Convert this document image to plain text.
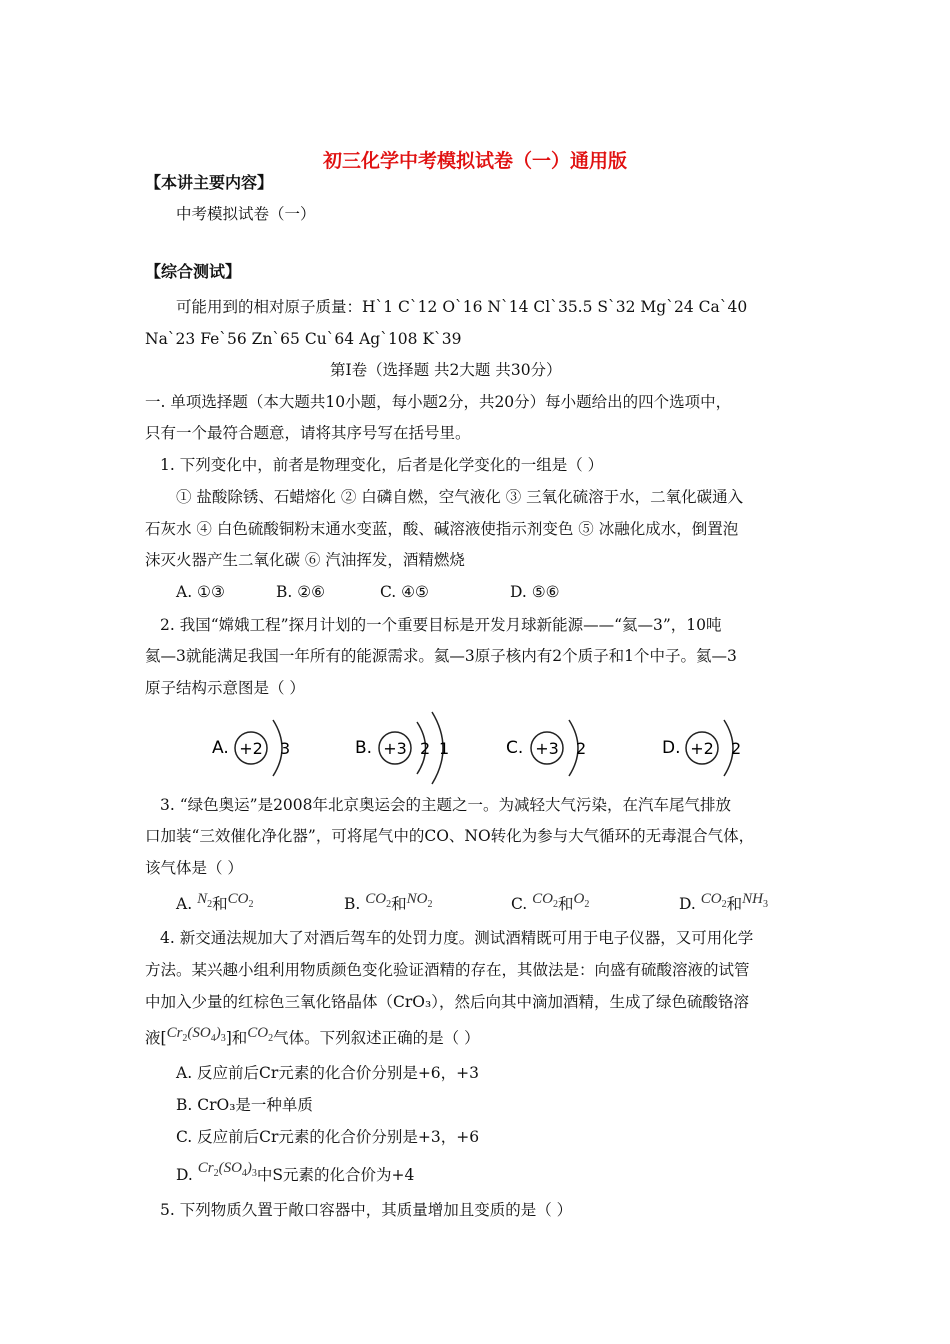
初三化学中考模拟试卷（一）通用版
【本讲主要内容】
中考模拟试卷（一）
【综合测试】
可能用到的相对原子质量：H`1 C`12 O`16 N`14 Cl`35.5 S`32 Mg`24 Ca`40
Na`23 Fe`56 Zn`65 Cu`64 Ag`108 K`39
第Ⅰ卷（选择题 共2大题 共30分）
一. 单项选择题（本大题共10小题，每小题2分，共20分）每小题给出的四个选项中，
只有一个最符合题意，请将其序号写在括号里。
1. 下列变化中，前者是物理变化，后者是化学变化的一组是（ ）
① 盐酸除锈、石蜡熔化 ② 白磷自燃，空气液化 ③ 三氧化硫溶于水，二氧化碳通入
石灰水 ④ 白色硫酸铜粉末通水变蓝，酸、碱溶液使指示剂变色 ⑤ 冰融化成水，倒置泡
沫灭火器产生二氧化碳 ⑥ 汽油挥发，酒精燃烧
A. ①③	B. ②⑥	C. ④⑤	D. ⑤⑥
2. 我国“嫦娥工程”探月计划的一个重要目标是开发月球新能源——“氦—3”，10吨
氦—3就能满足我国一年所有的能源需求。氦—3原子核内有2个质子和1个中子。氦—3
原子结构示意图是（ ）
A. +2 3	B. +3 2 1	C. +3 2	D. +2 2
3. “绿色奥运”是2008年北京奥运会的主题之一。为减轻大气污染，在汽车尾气排放
口加装“三效催化净化器”，可将尾气中的CO、NO转化为参与大气循环的无毒混合气体，
该气体是（ ）
A. $N_2$和$CO_2$	B. $CO_2$和$NO_2$	C. $CO_2$和$O_2$	D. $CO_2$和$NH_3$
4. 新交通法规加大了对酒后驾车的处罚力度。测试酒精既可用于电子仪器，又可用化学
方法。某兴趣小组利用物质颜色变化验证酒精的存在，其做法是：向盛有硫酸溶液的试管
中加入少量的红棕色三氧化铬晶体（CrO₃），然后向其中滴加酒精，生成了绿色硫酸铬溶
液$[Cr_2(SO_4)_3]$和$CO_2$气体。下列叙述正确的是（ ）
A. 反应前后Cr元素的化合价分别是+6，+3
B. CrO₃是一种单质
C. 反应前后Cr元素的化合价分别是+3，+6
D. $Cr_2(SO_4)_3$中S元素的化合价为+4
5. 下列物质久置于敞口容器中，其质量增加且变质的是（ ）
